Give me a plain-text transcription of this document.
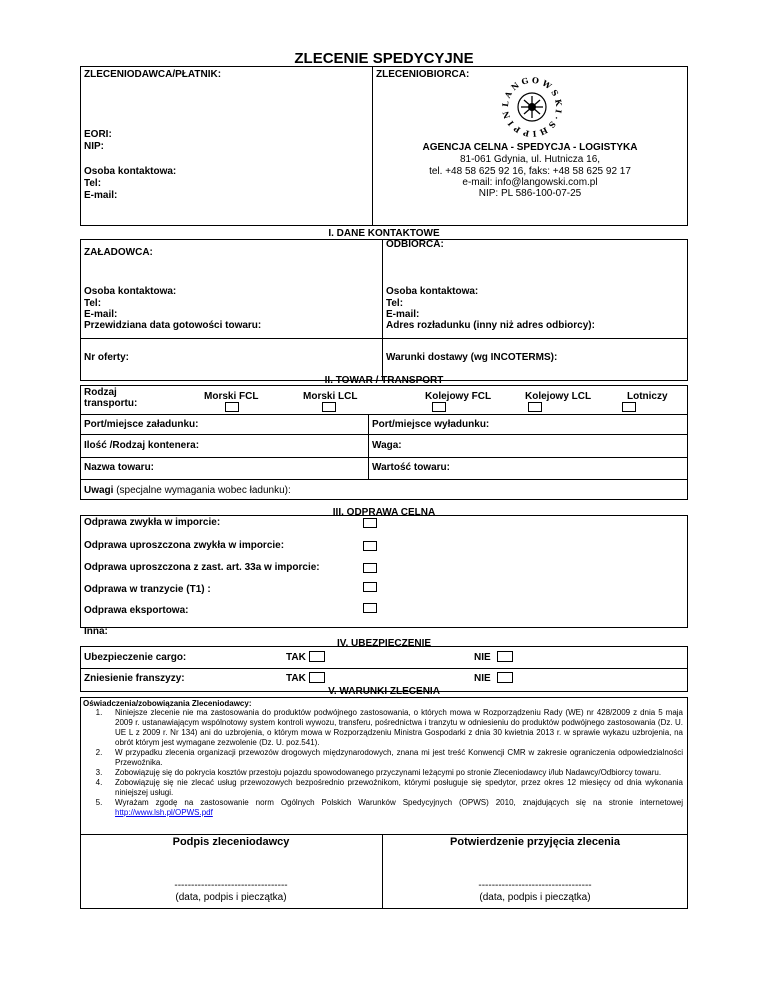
ZLECENIE SPEDYCYJNE
ZLECENIODAWCA/PŁATNIK:	ZLECENIOBIORCA:
EORI:
NIP:
Osoba kontaktowa:
Tel:
E-mail:
L A N G O W S K I · S H I P P I N
AGENCJA CELNA - SPEDYCJA - LOGISTYKA
81-061 Gdynia, ul. Hutnicza 16,
tel. +48 58 625 92 16, faks: +48 58 625 92 17
e-mail: info@langowski.com.pl
NIP: PL 586-100-07-25
I. DANE KONTAKTOWE
ZAŁADOWCA:
ODBIORCA:
Osoba kontaktowa:
Tel:
E-mail:
Przewidziana data gotowości towaru:
Osoba kontaktowa:
Tel:
E-mail:
Adres rozładunku (inny niż adres odbiorcy):
Nr oferty:	Warunki dostawy (wg INCOTERMS):
II. TOWAR / TRANSPORT
Rodzaj
transportu:
Morski FCL	Morski LCL	Kolejowy FCL	Kolejowy LCL	Lotniczy
Port/miejsce załadunku:	Port/miejsce wyładunku:
Ilość /Rodzaj kontenera:	Waga:
Nazwa towaru:	Wartość towaru:
Uwagi (specjalne wymagania wobec ładunku):
III. ODPRAWA CELNA
Odprawa zwykła w imporcie:
Odprawa uproszczona zwykła w imporcie:
Odprawa uproszczona z zast. art. 33a w imporcie:
Odprawa w tranzycie (T1) :
Odprawa eksportowa:
Inna:
IV. UBEZPIECZENIE
Ubezpieczenie cargo:	TAK	NIE
Zniesienie franszyzy:	TAK	NIE
V. WARUNKI ZLECENIA
Oświadczenia/zobowiązania Zleceniodawcy:
1.	Niniejsze zlecenie nie ma zastosowania do produktów podwójnego zastosowania, o których mowa w Rozporządzeniu Rady (WE) nr 428/2009 z dnia 5 maja 2009 r. ustanawiającym wspólnotowy system kontroli wywozu, transferu, pośrednictwa i tranzytu w odniesieniu do produktów podwójnego zastosowania (Dz. U. UE L z 2009 r. Nr 134) ani do uzbrojenia, o którym mowa w Rozporządzeniu Ministra Gospodarki z dnia 30 kwietnia 2013 r. w sprawie wykazu uzbrojenia, na obrót którym jest wymagane zezwolenie (Dz. U. poz.541).
2.	W przypadku zlecenia organizacji przewozów drogowych międzynarodowych, znana mi jest treść Konwencji CMR w zakresie ograniczenia odpowiedzialności Przewoźnika.
3.	Zobowiązuję się do pokrycia kosztów przestoju pojazdu spowodowanego przyczynami leżącymi po stronie Zleceniodawcy i/lub Nadawcy/Odbiorcy towaru.
4.	Zobowiązuję się nie zlecać usług przewozowych bezpośrednio przewoźnikom, którymi posługuje się spedytor, przez okres 12 miesięcy od dnia wykonania niniejszej usługi.
5.	Wyrażam zgodę na zastosowanie norm Ogólnych Polskich Warunków Spedycyjnych (OPWS) 2010, znajdujących się na stronie internetowej http://www.lsh.pl/OPWS.pdf
Podpis zleceniodawcy	Potwierdzenie przyjęcia zlecenia
----------------------------------	----------------------------------
(data, podpis i pieczątka)	(data, podpis i pieczątka)
